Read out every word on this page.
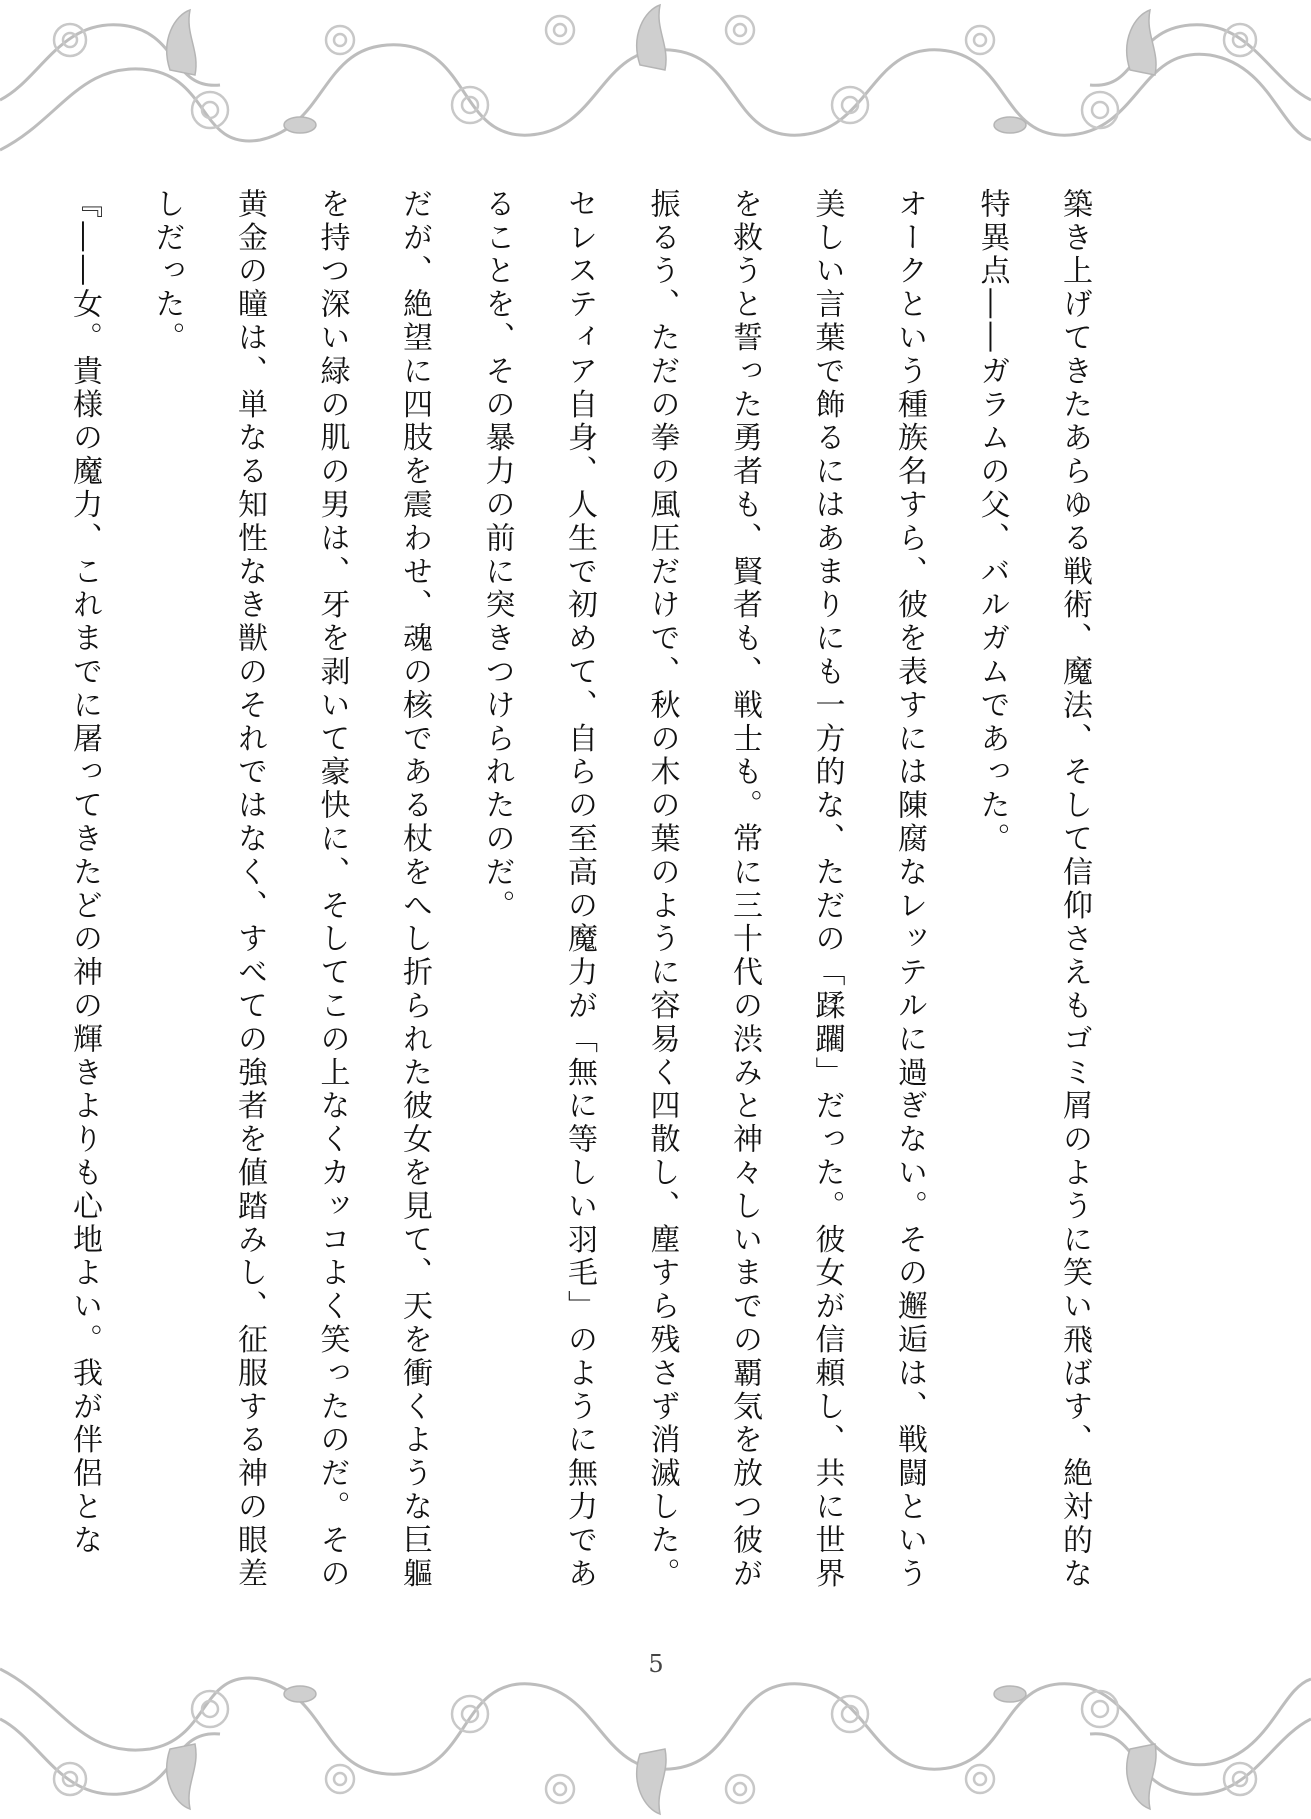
築き上げてきたあらゆる戦術、魔法、そして信仰さえもゴミ屑のように笑い飛ばす、絶対的な特異点――ガラムの父、バルガムであった。

オークという種族名すら、彼を表すには陳腐なレッテルに過ぎない。その邂逅は、戦闘という美しい言葉で飾るにはあまりにも一方的な、ただの「蹂躙」だった。彼女が信頼し、共に世界を救うと誓った勇者も、賢者も、戦士も。常に三十代の渋みと神々しいまでの覇気を放つ彼が振るう、ただの拳の風圧だけで、秋の木の葉のように容易く四散し、塵すら残さず消滅した。セレスティア自身、人生で初めて、自らの至高の魔力が「無に等しい羽毛」のように無力であることを、その暴力の前に突きつけられたのだ。

だが、絶望に四肢を震わせ、魂の核である杖をへし折られた彼女を見て、天を衝くような巨軀を持つ深い緑の肌の男は、牙を剥いて豪快に、そしてこの上なくカッコよく笑ったのだ。その黄金の瞳は、単なる知性なき獣のそれではなく、すべての強者を値踏みし、征服する神の眼差しだった。

『――女。貴様の魔力、これまでに屠ってきたどの神の輝きよりも心地よい。我が伴侶とな

5
